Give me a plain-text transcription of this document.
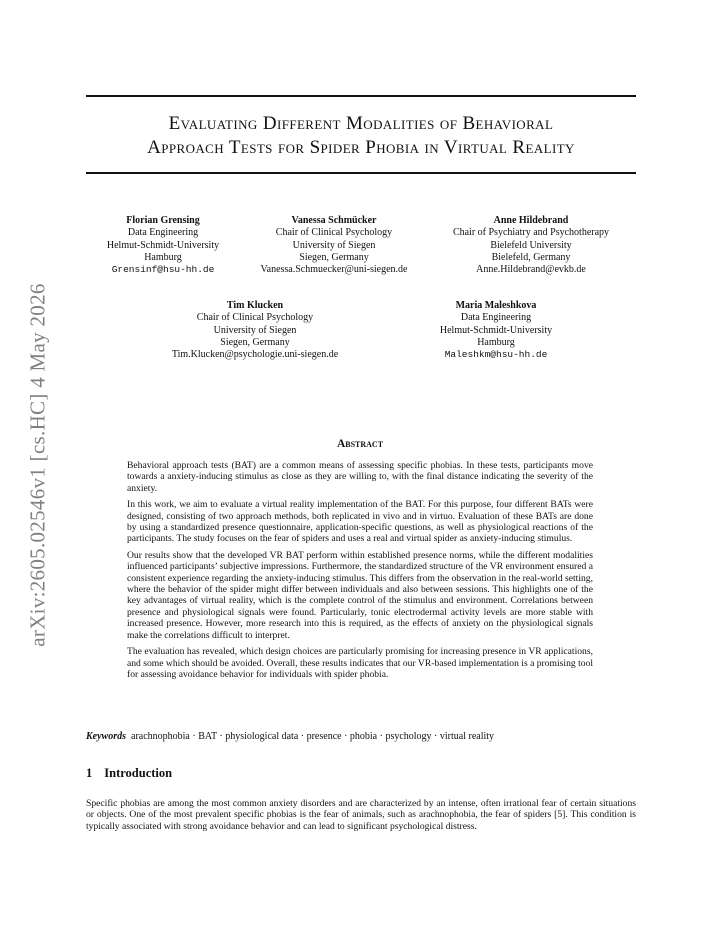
arXiv:2605.02546v1 [cs.HC] 4 May 2026
Evaluating Different Modalities of Behavioral
Approach Tests for Spider Phobia in Virtual Reality
Florian Grensing
Data Engineering
Helmut-Schmidt-University
Hamburg
Grensinf@hsu-hh.de
Vanessa Schmücker
Chair of Clinical Psychology
University of Siegen
Siegen, Germany
Vanessa.Schmuecker@uni-siegen.de
Anne Hildebrand
Chair of Psychiatry and Psychotherapy
Bielefeld University
Bielefeld, Germany
Anne.Hildebrand@evkb.de
Tim Klucken
Chair of Clinical Psychology
University of Siegen
Siegen, Germany
Tim.Klucken@psychologie.uni-siegen.de
Maria Maleshkova
Data Engineering
Helmut-Schmidt-University
Hamburg
Maleshkm@hsu-hh.de
Abstract

Behavioral approach tests (BAT) are a common means of assessing specific phobias. In these tests, participants move towards a anxiety-inducing stimulus as close as they are willing to, with the final distance indicating the severity of the anxiety.

In this work, we aim to evaluate a virtual reality implementation of the BAT. For this purpose, four different BATs were designed, consisting of two approach methods, both replicated in vivo and in virtuo. Evaluation of these BATs are done by using a standardized presence questionnaire, application-specific questions, as well as physiological reactions of the participants. The study focuses on the fear of spiders and uses a real and virtual spider as anxiety-inducing stimulus.

Our results show that the developed VR BAT perform within established presence norms, while the different modalities influenced participants’ subjective impressions. Furthermore, the standardized structure of the VR environment ensured a consistent experience regarding the anxiety-inducing stimulus. This differs from the observation in the real-world setting, where the behavior of the spider might differ between individuals and also between sessions. This highlights one of the key advantages of virtual reality, which is the complete control of the stimulus and environment. Correlations between presence and physiological signals were found. Particularly, tonic electrodermal activity levels are more stable with increased presence. However, more research into this is required, as the effects of anxiety on the physiological signals make the correlations difficult to interpret.

The evaluation has revealed, which design choices are particularly promising for increasing presence in VR applications, and some which should be avoided. Overall, these results indicates that our VR-based implementation is a promising tool for assessing avoidance behavior for individuals with spider phobia.

Keywords arachnophobia · BAT · physiological data · presence · phobia · psychology · virtual reality
1 Introduction

Specific phobias are among the most common anxiety disorders and are characterized by an intense, often irrational fear of certain situations or objects. One of the most prevalent specific phobias is the fear of animals, such as arachnophobia, the fear of spiders [5]. This condition is typically associated with strong avoidance behavior and can lead to significant psychological distress.
